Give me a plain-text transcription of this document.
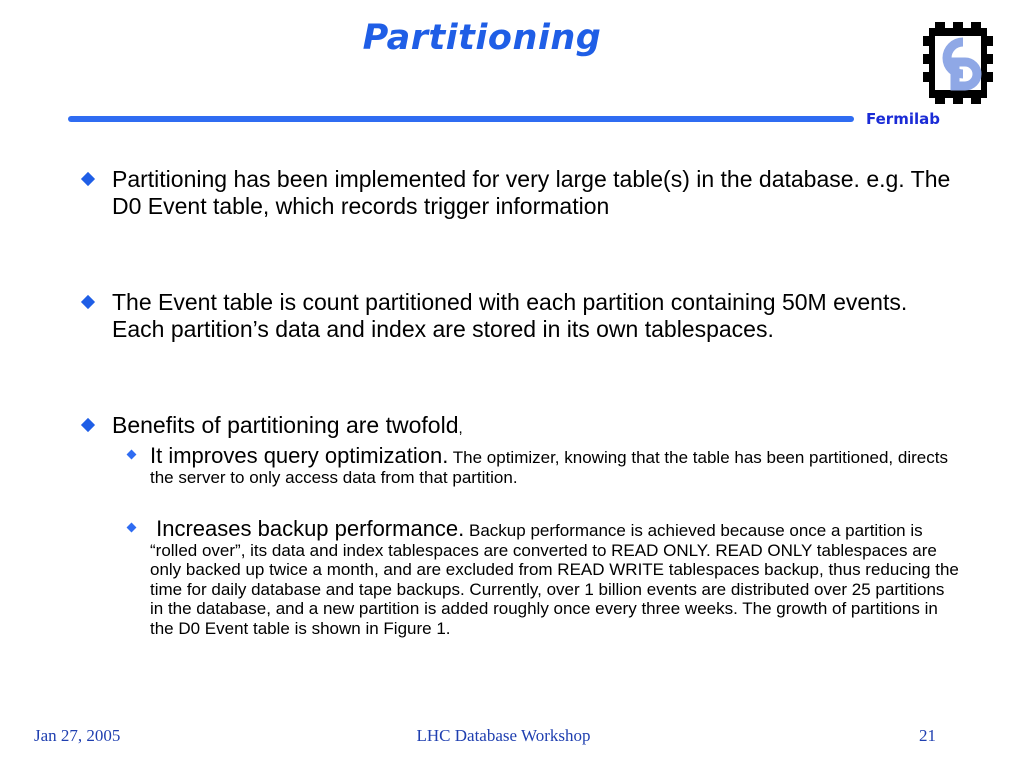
Partitioning
Fermilab
Partitioning has been implemented for very large table(s) in the database. e.g. The D0 Event table, which records trigger information
The Event table is count partitioned with each partition containing 50M events. Each partition’s data and index are stored in its own tablespaces.
Benefits of partitioning are twofold,
It improves query optimization. The optimizer, knowing that the table has been partitioned, directs the server to only access data from that partition.
Increases backup performance. Backup performance is achieved because once a partition is “rolled over”, its data and index tablespaces are converted to READ ONLY. READ ONLY tablespaces are only backed up twice a month, and are excluded from READ WRITE tablespaces backup, thus reducing the time for daily database and tape backups. Currently, over 1 billion events are distributed over 25 partitions in the database, and a new partition is added roughly once every three weeks. The growth of partitions in the D0 Event table is shown in Figure 1.
Jan 27, 2005	LHC Database Workshop	21
